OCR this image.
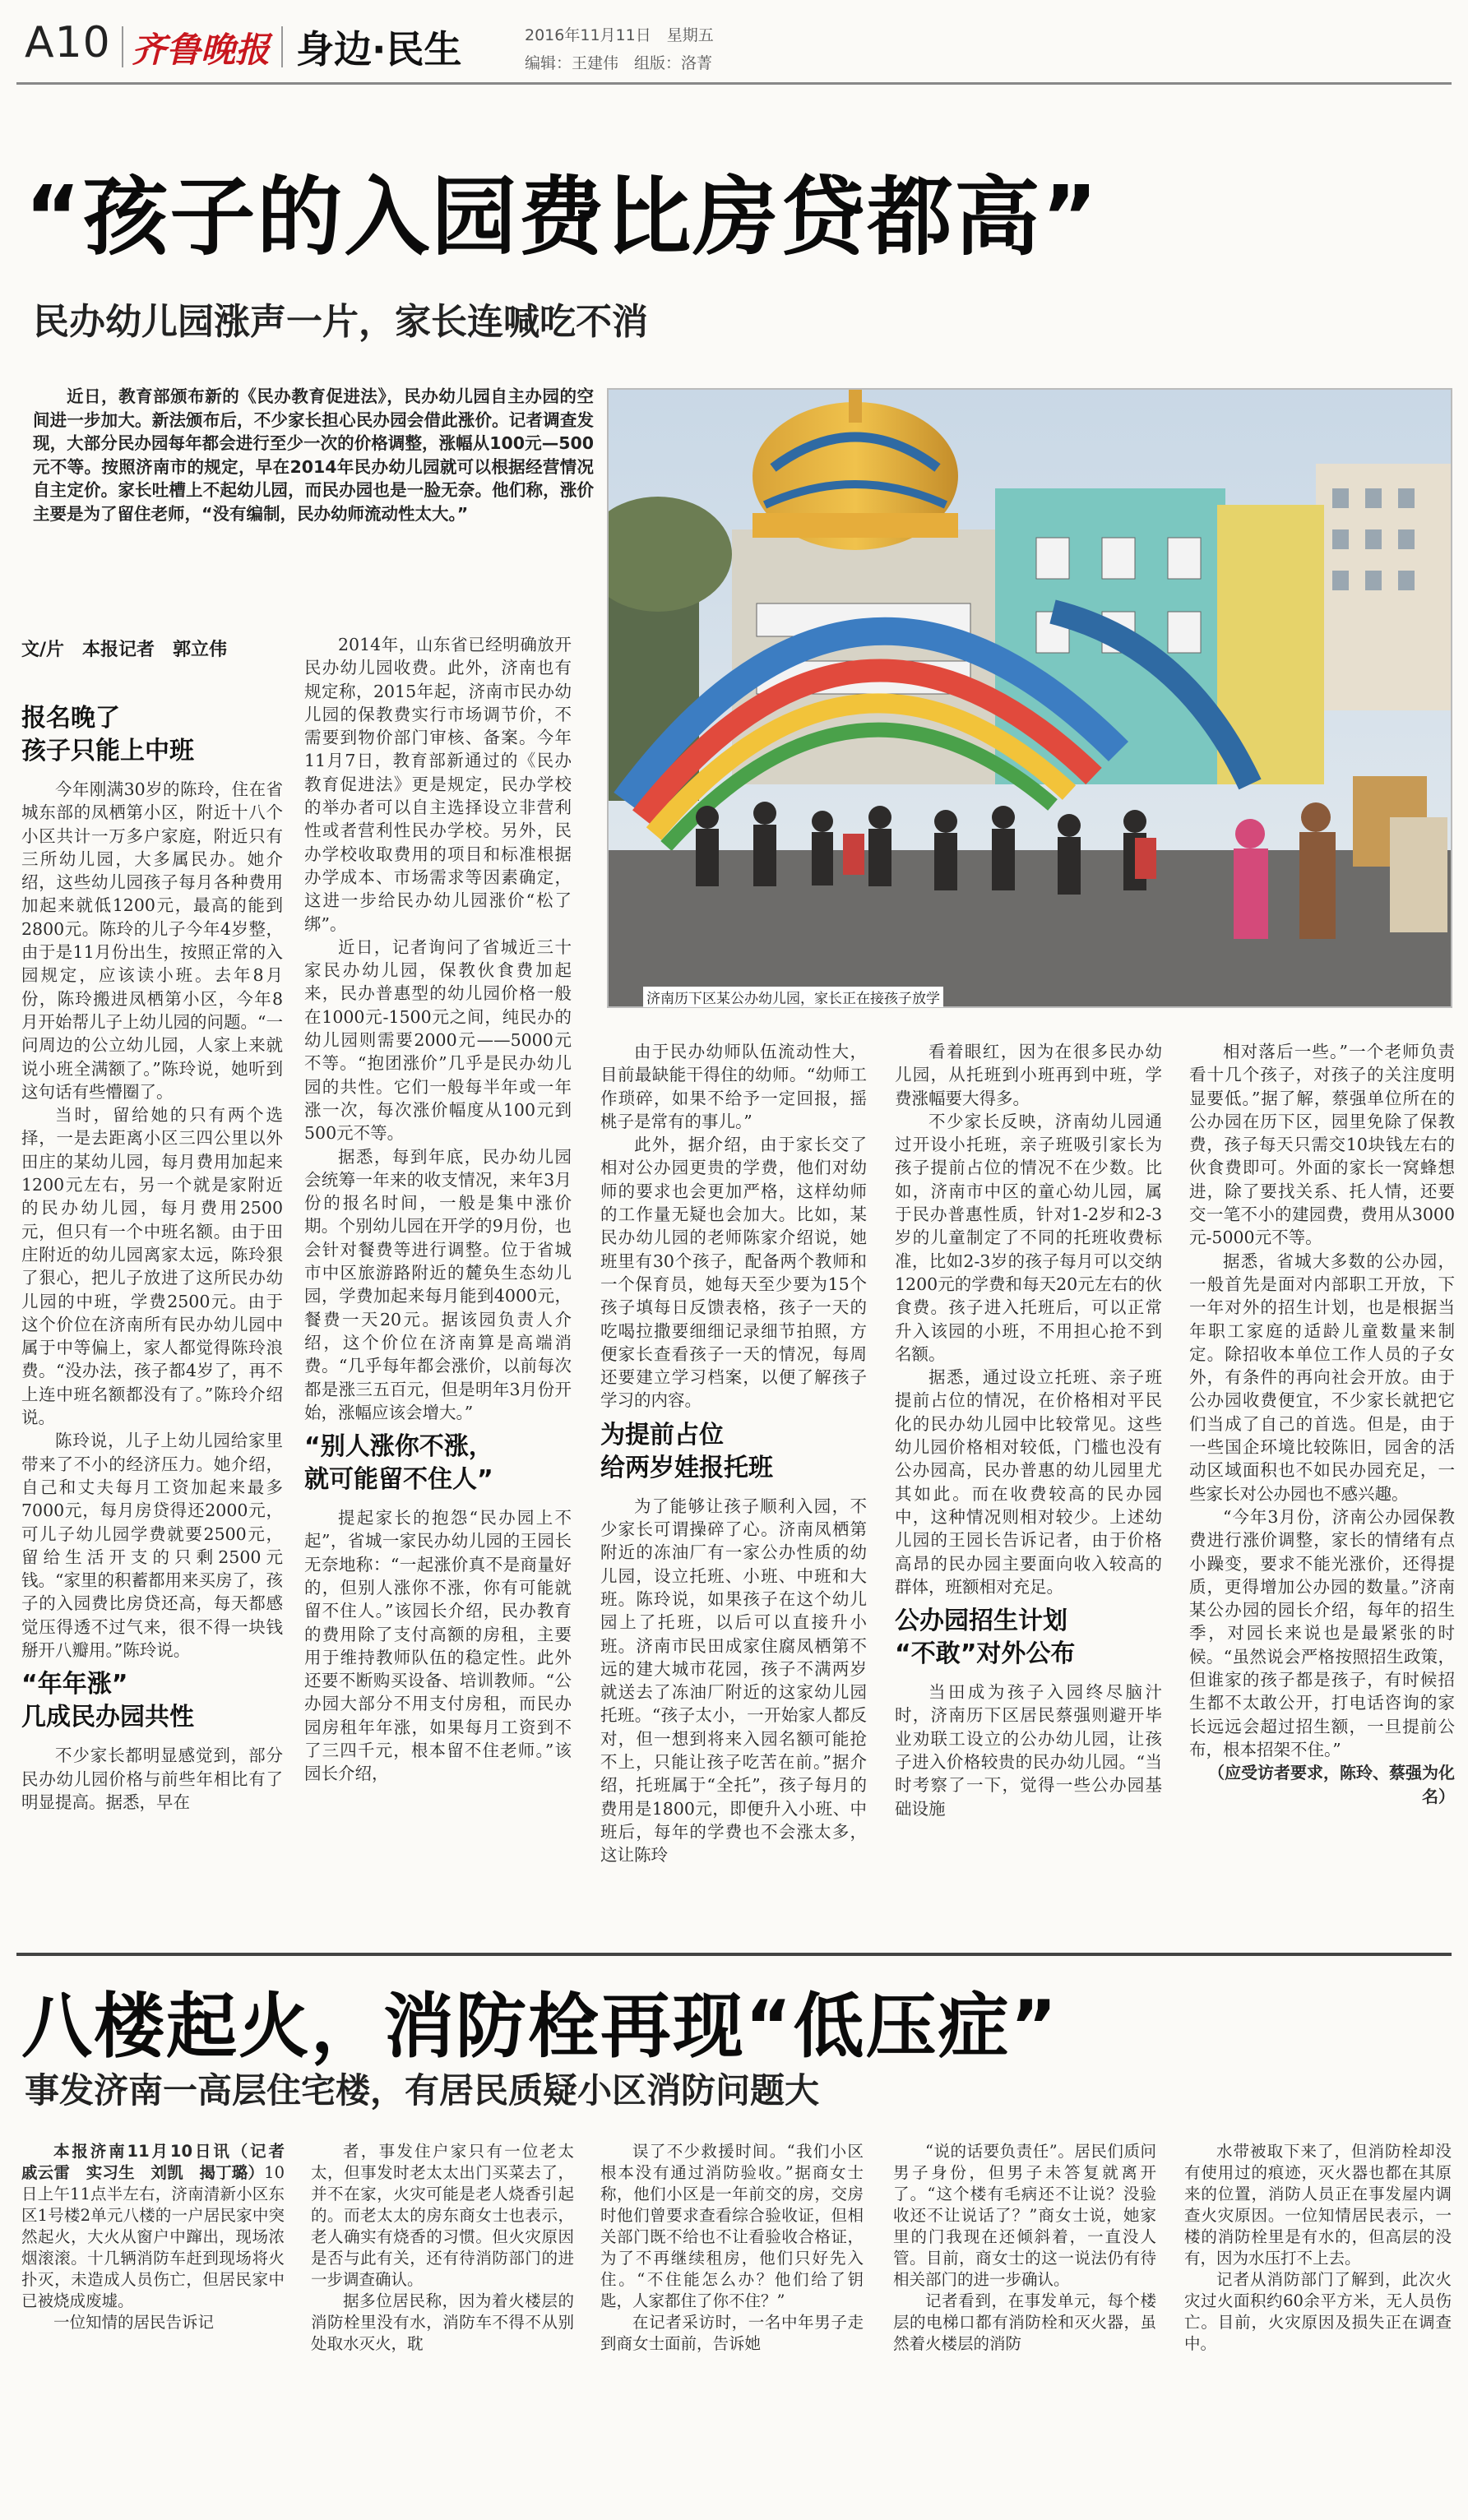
A10 齐鲁晚报 身边·民生	2016年11月11日　星期五
编辑：王建伟　组版：洛菁
“孩子的入园费比房贷都高”
民办幼儿园涨声一片，家长连喊吃不消

近日，教育部颁布新的《民办教育促进法》，民办幼儿园自主办园的空间进一步加大。新法颁布后，不少家长担心民办园会借此涨价。记者调查发现，大部分民办园每年都会进行至少一次的价格调整，涨幅从100元—500元不等。按照济南市的规定，早在2014年民办幼儿园就可以根据经营情况自主定价。家长吐槽上不起幼儿园，而民办园也是一脸无奈。他们称，涨价主要是为了留住老师，“没有编制，民办幼师流动性太大。”

文/片　本报记者　郭立伟
济南历下区某公办幼儿园，家长正在接孩子放学
报名晚了
孩子只能上中班

今年刚满30岁的陈玲，住在省城东部的凤栖第小区，附近十八个小区共计一万多户家庭，附近只有三所幼儿园，大多属民办。她介绍，这些幼儿园孩子每月各种费用加起来就低1200元，最高的能到2800元。陈玲的儿子今年4岁整，由于是11月份出生，按照正常的入园规定，应该读小班。去年8月份，陈玲搬进凤栖第小区，今年8月开始帮儿子上幼儿园的问题。“一问周边的公立幼儿园，人家上来就说小班全满额了。”陈玲说，她听到这句话有些懵圈了。

当时，留给她的只有两个选择，一是去距离小区三四公里以外田庄的某幼儿园，每月费用加起来1200元左右，另一个就是家附近的民办幼儿园，每月费用2500元，但只有一个中班名额。由于田庄附近的幼儿园离家太远，陈玲狠了狠心，把儿子放进了这所民办幼儿园的中班，学费2500元。由于这个价位在济南所有民办幼儿园中属于中等偏上，家人都觉得陈玲浪费。“没办法，孩子都4岁了，再不上连中班名额都没有了。”陈玲介绍说。

陈玲说，儿子上幼儿园给家里带来了不小的经济压力。她介绍，自己和丈夫每月工资加起来最多7000元，每月房贷得还2000元，可儿子幼儿园学费就要2500元，留给生活开支的只剩2500元钱。“家里的积蓄都用来买房了，孩子的入园费比房贷还高，每天都感觉压得透不过气来，很不得一块钱掰开八瓣用。”陈玲说。

“年年涨”
几成民办园共性

不少家长都明显感觉到，部分民办幼儿园价格与前些年相比有了明显提高。据悉，早在

2014年，山东省已经明确放开民办幼儿园收费。此外，济南也有规定称，2015年起，济南市民办幼儿园的保教费实行市场调节价，不需要到物价部门审核、备案。今年11月7日，教育部新通过的《民办教育促进法》更是规定，民办学校的举办者可以自主选择设立非营利性或者营利性民办学校。另外，民办学校收取费用的项目和标准根据办学成本、市场需求等因素确定，这进一步给民办幼儿园涨价“松了绑”。

近日，记者询问了省城近三十家民办幼儿园，保教伙食费加起来，民办普惠型的幼儿园价格一般在1000元-1500元之间，纯民办的幼儿园则需要2000元——5000元不等。“抱团涨价”几乎是民办幼儿园的共性。它们一般每半年或一年涨一次，每次涨价幅度从100元到500元不等。

据悉，每到年底，民办幼儿园会统筹一年来的收支情况，来年3月份的报名时间，一般是集中涨价期。个别幼儿园在开学的9月份，也会针对餐费等进行调整。位于省城市中区旅游路附近的麓奂生态幼儿园，学费加起来每月能到4000元，餐费一天20元。据该园负责人介绍，这个价位在济南算是高端消费。“几乎每年都会涨价，以前每次都是涨三五百元，但是明年3月份开始，涨幅应该会增大。”

“别人涨你不涨，
就可能留不住人”

提起家长的抱怨“民办园上不起”，省城一家民办幼儿园的王园长无奈地称：“一起涨价真不是商量好的，但别人涨你不涨，你有可能就留不住人。”该园长介绍，民办教育的费用除了支付高额的房租，主要用于维持教师队伍的稳定性。此外还要不断购买设备、培训教师。“公办园大部分不用支付房租，而民办园房租年年涨，如果每月工资到不了三四千元，根本留不住老师。”该园长介绍，

由于民办幼师队伍流动性大，目前最缺能干得住的幼师。“幼师工作琐碎，如果不给予一定回报，摇桃子是常有的事儿。”

此外，据介绍，由于家长交了相对公办园更贵的学费，他们对幼师的要求也会更加严格，这样幼师的工作量无疑也会加大。比如，某民办幼儿园的老师陈家介绍说，她班里有30个孩子，配备两个教师和一个保育员，她每天至少要为15个孩子填每日反馈表格，孩子一天的吃喝拉撒要细细记录细节拍照，方便家长查看孩子一天的情况，每周还要建立学习档案，以便了解孩子学习的内容。

为提前占位
给两岁娃报托班

为了能够让孩子顺利入园，不少家长可谓操碎了心。济南凤栖第附近的冻油厂有一家公办性质的幼儿园，设立托班、小班、中班和大班。陈玲说，如果孩子在这个幼儿园上了托班，以后可以直接升小班。济南市民田成家住腐凤栖第不远的建大城市花园，孩子不满两岁就送去了冻油厂附近的这家幼儿园托班。“孩子太小，一开始家人都反对，但一想到将来入园名额可能抢不上，只能让孩子吃苦在前。”据介绍，托班属于“全托”，孩子每月的费用是1800元，即便升入小班、中班后，每年的学费也不会涨太多，这让陈玲

看着眼红，因为在很多民办幼儿园，从托班到小班再到中班，学费涨幅要大得多。

不少家长反映，济南幼儿园通过开设小托班，亲子班吸引家长为孩子提前占位的情况不在少数。比如，济南市中区的童心幼儿园，属于民办普惠性质，针对1-2岁和2-3岁的儿童制定了不同的托班收费标准，比如2-3岁的孩子每月可以交纳1200元的学费和每天20元左右的伙食费。孩子进入托班后，可以正常升入该园的小班，不用担心抢不到名额。

据悉，通过设立托班、亲子班提前占位的情况，在价格相对平民化的民办幼儿园中比较常见。这些幼儿园价格相对较低，门槛也没有公办园高，民办普惠的幼儿园里尤其如此。而在收费较高的民办园中，这种情况则相对较少。上述幼儿园的王园长告诉记者，由于价格高昂的民办园主要面向收入较高的群体，班额相对充足。

公办园招生计划
“不敢”对外公布

当田成为孩子入园终尽脑汁时，济南历下区居民蔡强则避开毕业劝联工设立的公办幼儿园，让孩子进入价格较贵的民办幼儿园。“当时考察了一下，觉得一些公办园基础设施

相对落后一些。”一个老师负责看十几个孩子，对孩子的关注度明显要低。”据了解，蔡强单位所在的公办园在历下区，园里免除了保教费，孩子每天只需交10块钱左右的伙食费即可。外面的家长一窝蜂想进，除了要找关系、托人情，还要交一笔不小的建园费，费用从3000元-5000元不等。

据悉，省城大多数的公办园，一般首先是面对内部职工开放，下一年对外的招生计划，也是根据当年职工家庭的适龄儿童数量来制定。除招收本单位工作人员的子女外，有条件的再向社会开放。由于公办园收费便宜，不少家长就把它们当成了自己的首选。但是，由于一些国企环境比较陈旧，园舍的活动区域面积也不如民办园充足，一些家长对公办园也不感兴趣。

“今年3月份，济南公办园保教费进行涨价调整，家长的情绪有点小躁变，要求不能光涨价，还得提质，更得增加公办园的数量。”济南某公办园的园长介绍，每年的招生季，对园长来说也是最紧张的时候。“虽然说会严格按照招生政策，但谁家的孩子都是孩子，有时候招生都不太敢公开，打电话咨询的家长远远会超过招生额，一旦提前公布，根本招架不住。”

（应受访者要求，陈玲、蔡强为化名）

八楼起火，消防栓再现“低压症”
事发济南一高层住宅楼，有居民质疑小区消防问题大

本报济南11月10日讯（记者　戚云雷　实习生　刘凯　揭丁璐）10日上午11点半左右，济南清新小区东区1号楼2单元八楼的一户居民家中突然起火，大火从窗户中蹿出，现场浓烟滚滚。十几辆消防车赶到现场将火扑灭，未造成人员伤亡，但居民家中已被烧成废墟。

一位知情的居民告诉记

者，事发住户家只有一位老太太，但事发时老太太出门买菜去了，并不在家，火灾可能是老人烧香引起的。而老太太的房东商女士也表示，老人确实有烧香的习惯。但火灾原因是否与此有关，还有待消防部门的进一步调查确认。

据多位居民称，因为着火楼层的消防栓里没有水，消防车不得不从别处取水灭火，耽

误了不少救援时间。“我们小区根本没有通过消防验收。”据商女士称，他们小区是一年前交的房，交房时他们曾要求查看综合验收证，但相关部门既不给也不让看验收合格证，为了不再继续租房，他们只好先入住。“不住能怎么办？他们给了钥匙，人家都住了你不住？”

在记者采访时，一名中年男子走到商女士面前，告诉她

“说的话要负责任”。居民们质问男子身份，但男子未答复就离开了。“这个楼有毛病还不让说？没验收还不让说话了？”商女士说，她家里的门我现在还倾斜着，一直没人管。目前，商女士的这一说法仍有待相关部门的进一步确认。

记者看到，在事发单元，每个楼层的电梯口都有消防栓和灭火器，虽然着火楼层的消防

水带被取下来了，但消防栓却没有使用过的痕迹，灭火器也都在其原来的位置，消防人员正在事发屋内调查火灾原因。一位知情居民表示，一楼的消防栓里是有水的，但高层的没有，因为水压打不上去。

记者从消防部门了解到，此次火灾过火面积约60余平方米，无人员伤亡。目前，火灾原因及损失正在调查中。
